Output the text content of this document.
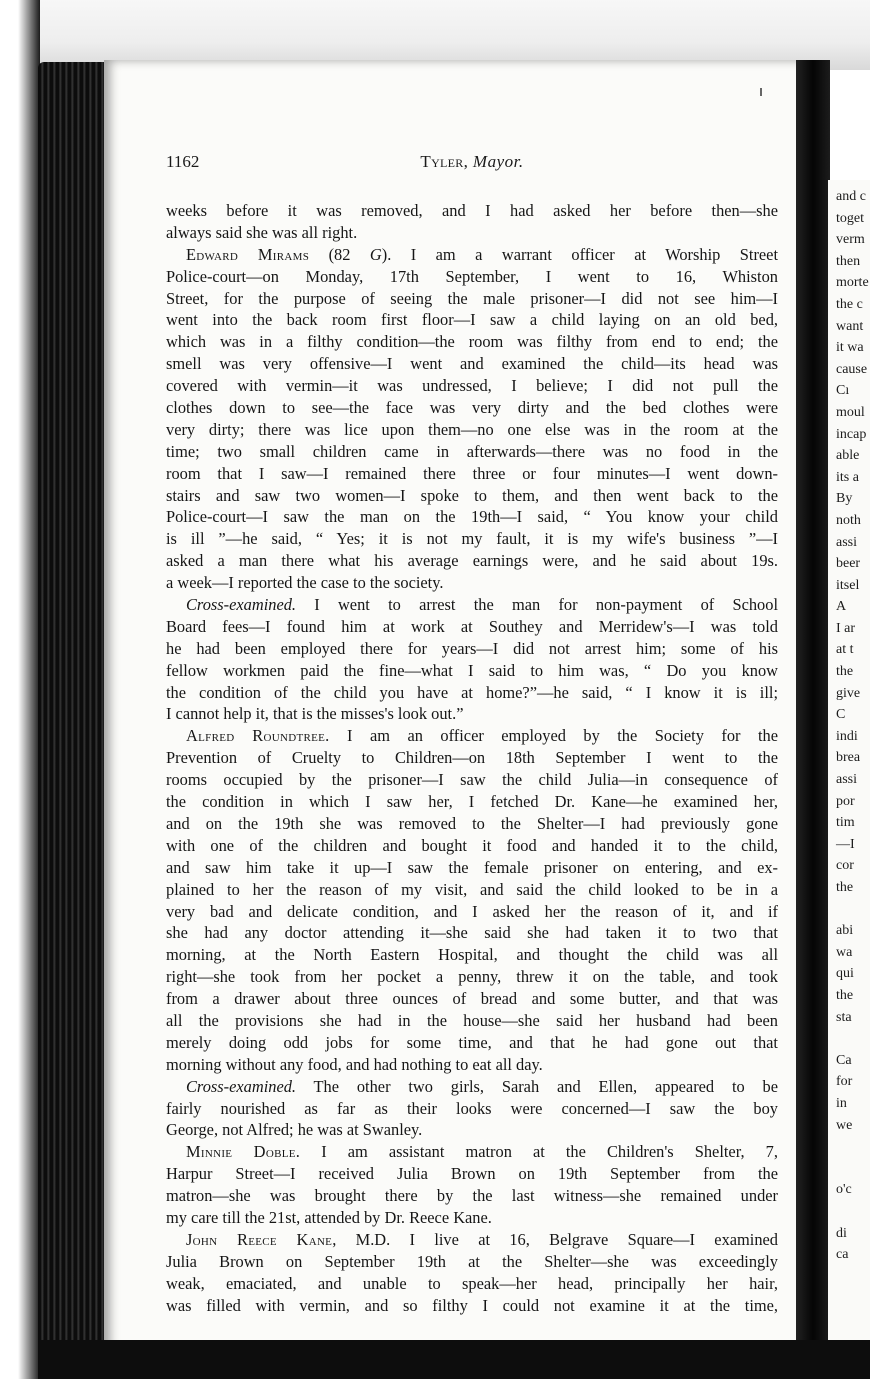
1162	Tyler, Mayor.
weeks before it was removed, and I had asked her before then—she
always said she was all right.
Edward Mirams (82 G). I am a warrant officer at Worship Street
Police-court—on Monday, 17th September, I went to 16, Whiston
Street, for the purpose of seeing the male prisoner—I did not see him—I
went into the back room first floor—I saw a child laying on an old bed,
which was in a filthy condition—the room was filthy from end to end; the
smell was very offensive—I went and examined the child—its head was
covered with vermin—it was undressed, I believe; I did not pull the
clothes down to see—the face was very dirty and the bed clothes were
very dirty; there was lice upon them—no one else was in the room at the
time; two small children came in afterwards—there was no food in the
room that I saw—I remained there three or four minutes—I went down-
stairs and saw two women—I spoke to them, and then went back to the
Police-court—I saw the man on the 19th—I said, “ You know your child
is ill ”—he said, “ Yes; it is not my fault, it is my wife's business ”—I
asked a man there what his average earnings were, and he said about 19s.
a week—I reported the case to the society.
Cross-examined. I went to arrest the man for non-payment of School
Board fees—I found him at work at Southey and Merridew's—I was told
he had been employed there for years—I did not arrest him; some of his
fellow workmen paid the fine—what I said to him was, “ Do you know
the condition of the child you have at home?”—he said, “ I know it is ill;
I cannot help it, that is the misses's look out.”
Alfred Roundtree. I am an officer employed by the Society for the
Prevention of Cruelty to Children—on 18th September I went to the
rooms occupied by the prisoner—I saw the child Julia—in consequence of
the condition in which I saw her, I fetched Dr. Kane—he examined her,
and on the 19th she was removed to the Shelter—I had previously gone
with one of the children and bought it food and handed it to the child,
and saw him take it up—I saw the female prisoner on entering, and ex-
plained to her the reason of my visit, and said the child looked to be in a
very bad and delicate condition, and I asked her the reason of it, and if
she had any doctor attending it—she said she had taken it to two that
morning, at the North Eastern Hospital, and thought the child was all
right—she took from her pocket a penny, threw it on the table, and took
from a drawer about three ounces of bread and some butter, and that was
all the provisions she had in the house—she said her husband had been
merely doing odd jobs for some time, and that he had gone out that
morning without any food, and had nothing to eat all day.
Cross-examined. The other two girls, Sarah and Ellen, appeared to be
fairly nourished as far as their looks were concerned—I saw the boy
George, not Alfred; he was at Swanley.
Minnie Doble. I am assistant matron at the Children's Shelter, 7,
Harpur Street—I received Julia Brown on 19th September from the
matron—she was brought there by the last witness—she remained under
my care till the 21st, attended by Dr. Reece Kane.
John Reece Kane, M.D. I live at 16, Belgrave Square—I examined
Julia Brown on September 19th at the Shelter—she was exceedingly
weak, emaciated, and unable to speak—her head, principally her hair,
was filled with vermin, and so filthy I could not examine it at the time,
and c
toget
verm
then
morte
the c
want
it wa
cause
Cı
moul
incap
able
its a
By
noth
assi
beer
itsel
A
I ar
at t
the
give
C
indi
brea
assi
por
tim
—I
cor
the
abi
wa
qui
the
sta
Ca
for
in
we
o'c
di
ca
